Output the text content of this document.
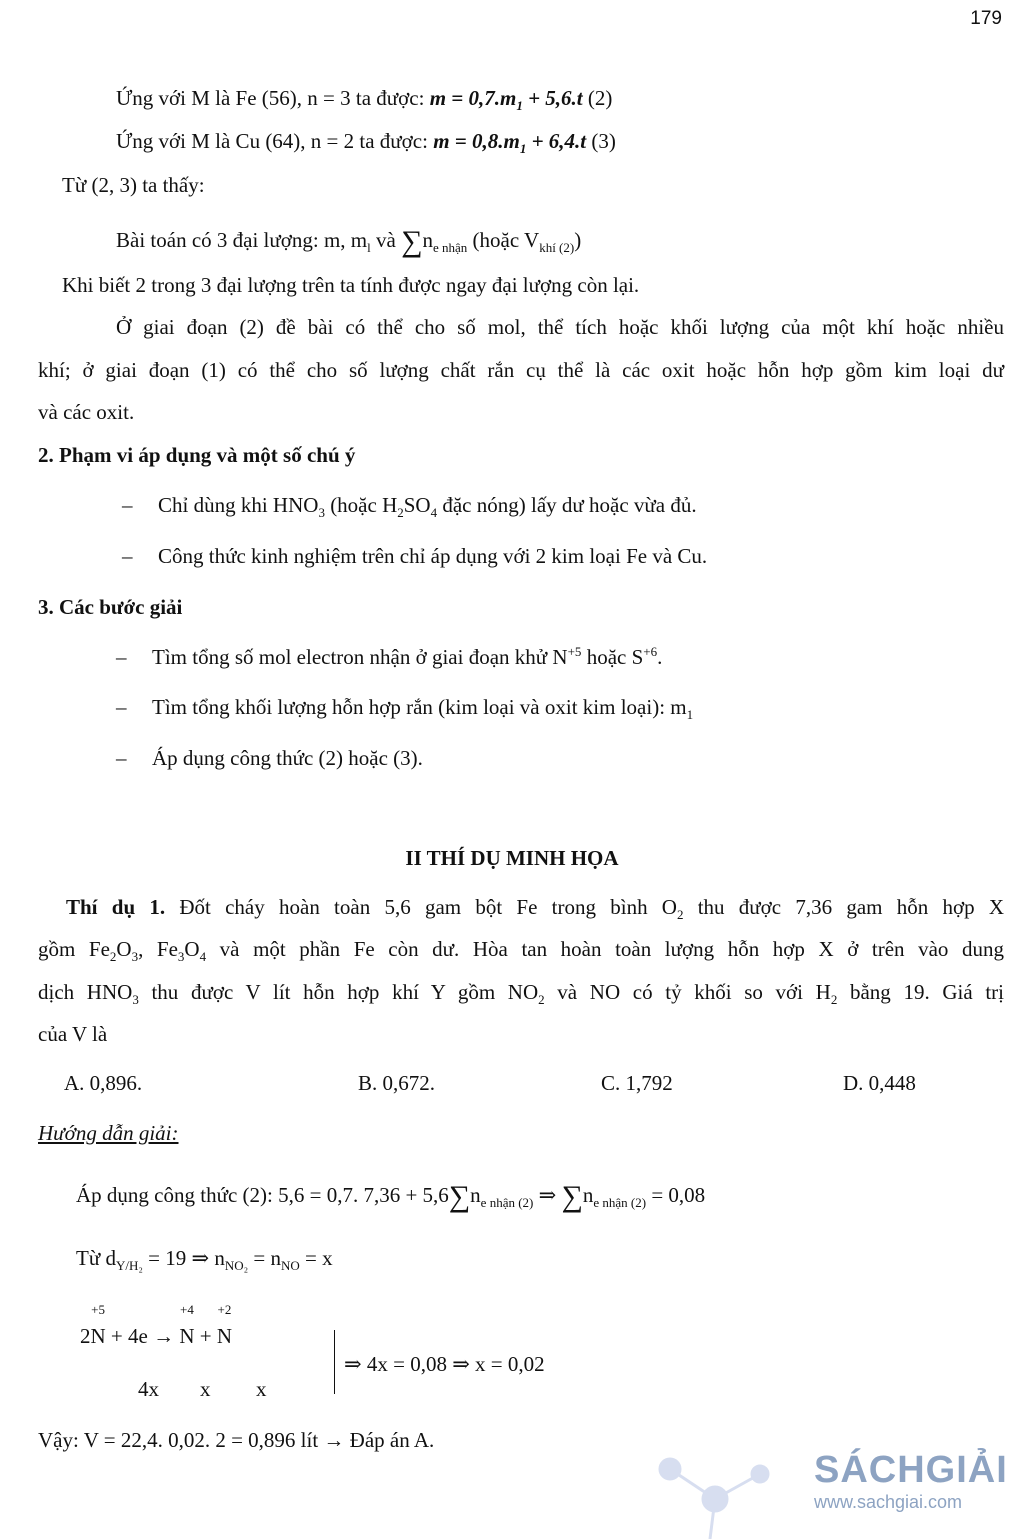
179
Ứng với M là Fe (56), n = 3 ta được: $m = 0,7.m_1 + 5,6.t$ (2)
Ứng với M là Cu (64), n = 2 ta được: $m = 0,8.m_1 + 6,4.t$ (3)
Từ (2, 3) ta thấy:
Bài toán có 3 đại lượng: m, $m_l$ và $\sum n_{e nhận}$ (hoặc $V_{khí (2)}$)
Khi biết 2 trong 3 đại lượng trên ta tính được ngay đại lượng còn lại.
Ở giai đoạn (2) đề bài có thể cho số mol, thể tích hoặc khối lượng của một khí hoặc nhiều
khí; ở giai đoạn (1) có thể cho số lượng chất rắn cụ thể là các oxit hoặc hỗn hợp gồm kim loại dư
và các oxit.
2. Phạm vi áp dụng và một số chú ý
– Chỉ dùng khi $HNO_3$ (hoặc $H_2SO_4$ đặc nóng) lấy dư hoặc vừa đủ.
– Công thức kinh nghiệm trên chỉ áp dụng với 2 kim loại Fe và Cu.
3. Các bước giải
– Tìm tổng số mol electron nhận ở giai đoạn khử $N^{+5}$ hoặc $S^{+6}$.
– Tìm tổng khối lượng hỗn hợp rắn (kim loại và oxit kim loại): $m_1$
– Áp dụng công thức (2) hoặc (3).
II THÍ DỤ MINH HỌA
Thí dụ 1. Đốt cháy hoàn toàn 5,6 gam bột Fe trong bình $O_2$ thu được 7,36 gam hỗn hợp X
gồm $Fe_2O_3$, $Fe_3O_4$ và một phần Fe còn dư. Hòa tan hoàn toàn lượng hỗn hợp X ở trên vào dung
dịch $HNO_3$ thu được V lít hỗn hợp khí Y gồm $NO_2$ và NO có tỷ khối so với $H_2$ bằng 19. Giá trị
của V là
A. 0,896.	B. 0,672.	C. 1,792	D. 0,448
Hướng dẫn giải:
Áp dụng công thức (2): 5,6 = 0,7. $7,36 + 5,6\sum n_{e nhận (2)}$ ⇒ $\sum n_{e nhận (2)} = 0,08$
Từ $d_{Y/H_2} = 19$ ⇒ $n_{NO_2} = n_{NO} = x$
2
+5
N + 4e →
+4
N +
+2
N
4x x x
⇒ 4x = 0,08 ⇒ x = 0,02
Vậy: V = 22,4. 0,02. 2 = 0,896 lít → Đáp án A.
SÁCHGIẢI
www.sachgiai.com
